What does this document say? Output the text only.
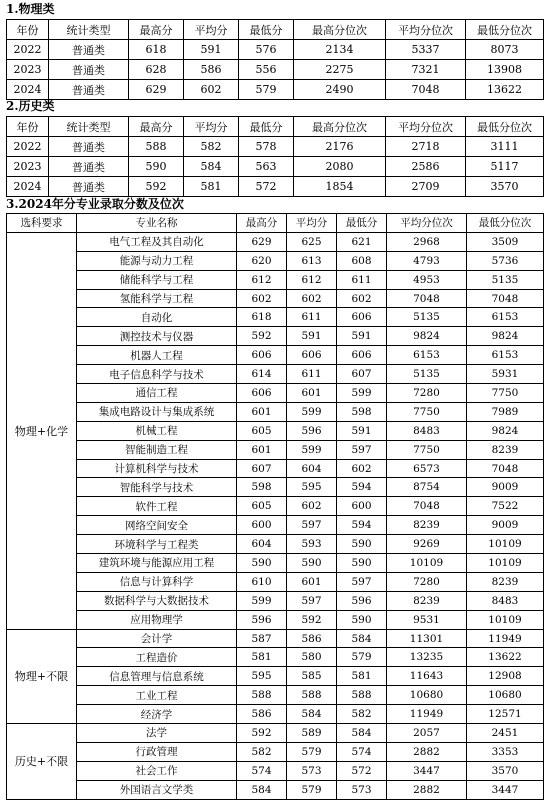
1.物理类
年份	统计类型	最高分	平均分	最低分	最高分位次	平均分位次	最低分位次
2022	普通类	618	591	576	2134	5337	8073
2023	普通类	628	586	556	2275	7321	13908
2024	普通类	629	602	579	2490	7048	13622
2.历史类
年份	统计类型	最高分	平均分	最低分	最高分位次	平均分位次	最低分位次
2022	普通类	588	582	578	2176	2718	3111
2023	普通类	590	584	563	2080	2586	5117
2024	普通类	592	581	572	1854	2709	3570
3.2024年分专业录取分数及位次
选科要求	专业名称	最高分	平均分	最低分	平均分位次	最低分位次
物理+化学	电气工程及其自动化	629	625	621	2968	3509
	能源与动力工程	620	613	608	4793	5736
	储能科学与工程	612	612	611	4953	5135
	氢能科学与工程	602	602	602	7048	7048
	自动化	618	611	606	5135	6153
	测控技术与仪器	592	591	591	9824	9824
	机器人工程	606	606	606	6153	6153
	电子信息科学与技术	614	611	607	5135	5931
	通信工程	606	601	599	7280	7750
	集成电路设计与集成系统	601	599	598	7750	7989
	机械工程	605	596	591	8483	9824
	智能制造工程	601	599	597	7750	8239
	计算机科学与技术	607	604	602	6573	7048
	智能科学与技术	598	595	594	8754	9009
	软件工程	605	602	600	7048	7522
	网络空间安全	600	597	594	8239	9009
	环境科学与工程类	604	593	590	9269	10109
	建筑环境与能源应用工程	590	590	590	10109	10109
	信息与计算科学	610	601	597	7280	8239
	数据科学与大数据技术	599	597	596	8239	8483
	应用物理学	596	592	590	9531	10109
物理+不限	会计学	587	586	584	11301	11949
	工程造价	581	580	579	13235	13622
	信息管理与信息系统	595	585	581	11643	12908
	工业工程	588	588	588	10680	10680
	经济学	586	584	582	11949	12571
历史+不限	法学	592	589	584	2057	2451
	行政管理	582	579	574	2882	3353
	社会工作	574	573	572	3447	3570
	外国语言文学类	584	579	573	2882	3447
